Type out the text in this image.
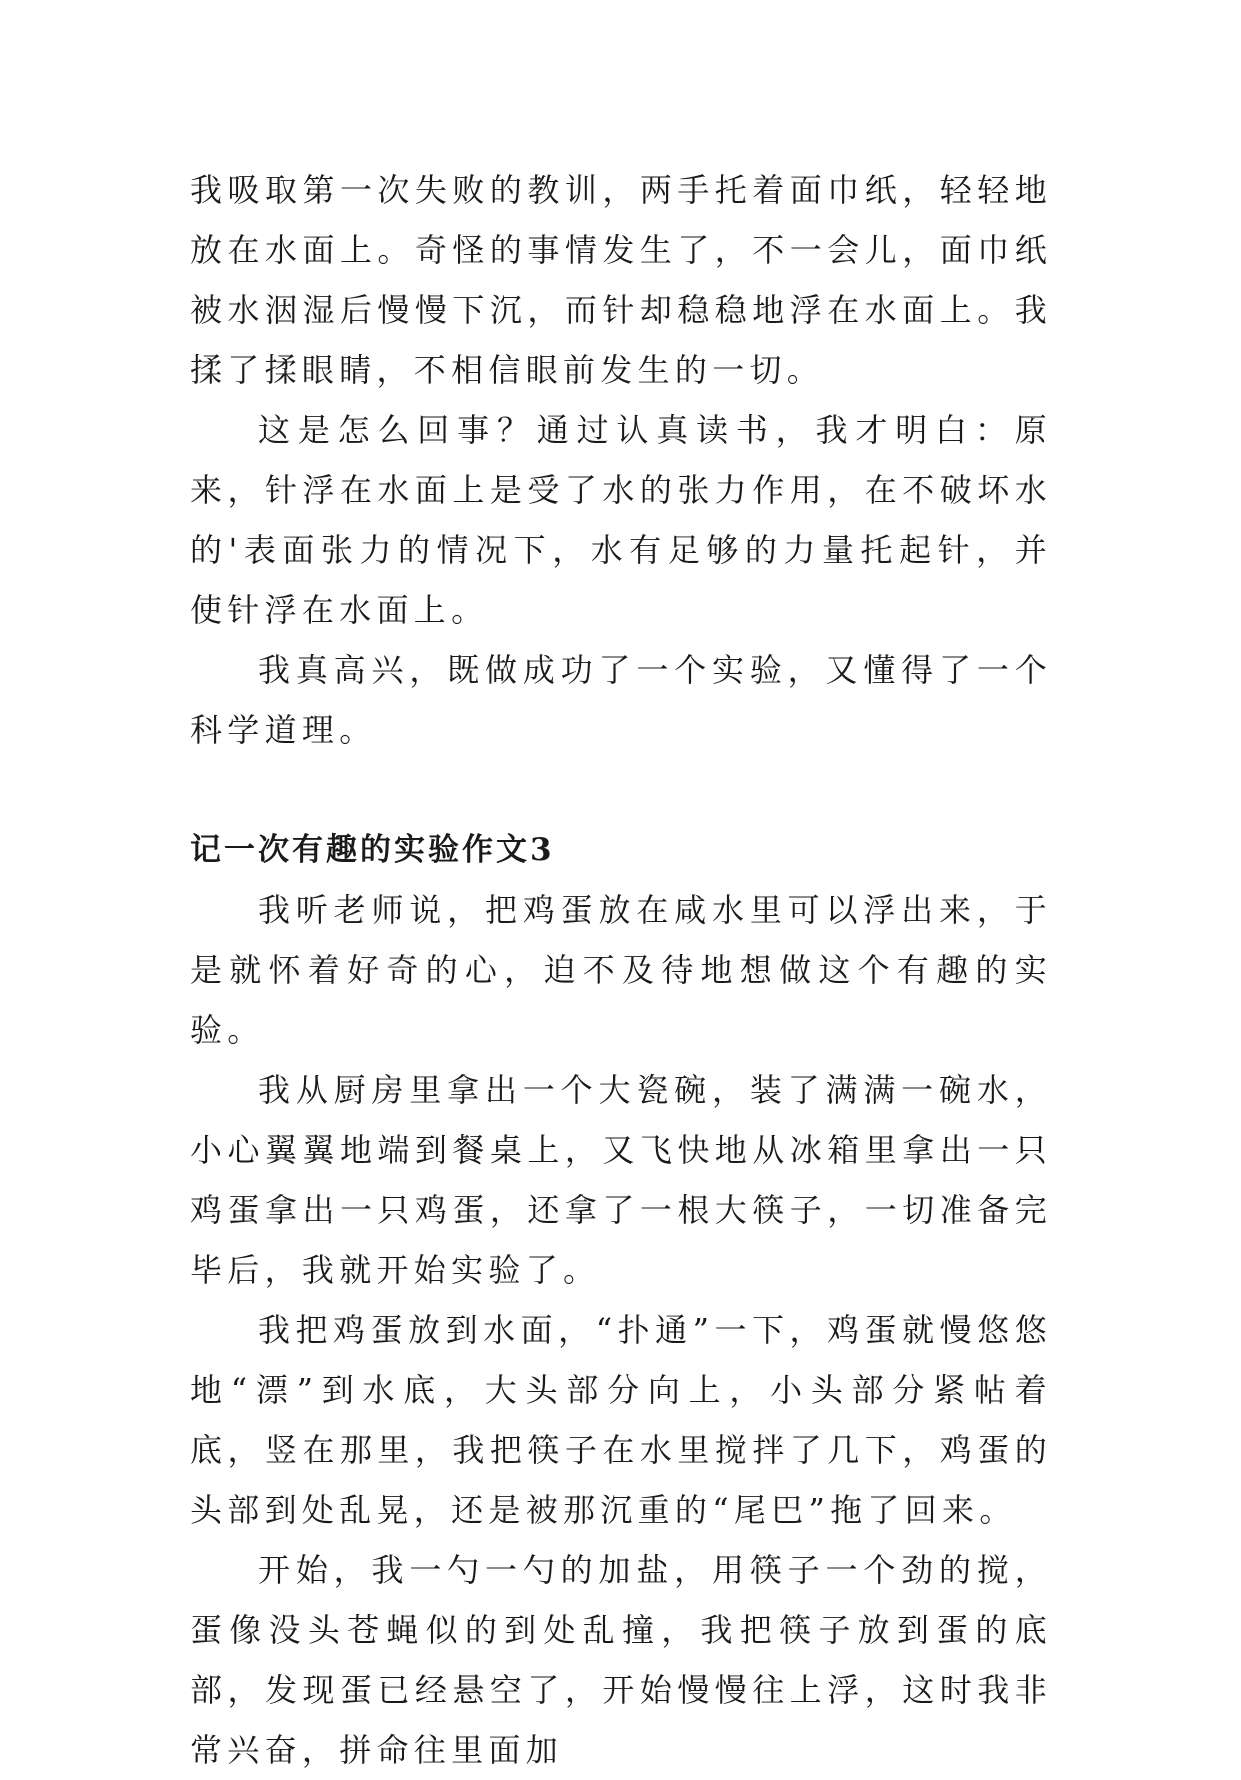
我吸取第一次失败的教训，两手托着面巾纸，轻轻地放在水面上。奇怪的事情发生了，不一会儿，面巾纸被水洇湿后慢慢下沉，而针却稳稳地浮在水面上。我揉了揉眼睛，不相信眼前发生的一切。

这是怎么回事？通过认真读书，我才明白：原来，针浮在水面上是受了水的张力作用，在不破坏水的'表面张力的情况下，水有足够的力量托起针，并使针浮在水面上。

我真高兴，既做成功了一个实验，又懂得了一个科学道理。

记一次有趣的实验作文3

我听老师说，把鸡蛋放在咸水里可以浮出来，于是就怀着好奇的心，迫不及待地想做这个有趣的实验。

我从厨房里拿出一个大瓷碗，装了满满一碗水，小心翼翼地端到餐桌上，又飞快地从冰箱里拿出一只鸡蛋拿出一只鸡蛋，还拿了一根大筷子，一切准备完毕后，我就开始实验了。

我把鸡蛋放到水面，“扑通”一下，鸡蛋就慢悠悠地“漂”到水底，大头部分向上，小头部分紧帖着底，竖在那里，我把筷子在水里搅拌了几下，鸡蛋的头部到处乱晃，还是被那沉重的“尾巴”拖了回来。

开始，我一勺一勺的加盐，用筷子一个劲的搅，蛋像没头苍蝇似的到处乱撞，我把筷子放到蛋的底部，发现蛋已经悬空了，开始慢慢往上浮，这时我非常兴奋，拼命往里面加
